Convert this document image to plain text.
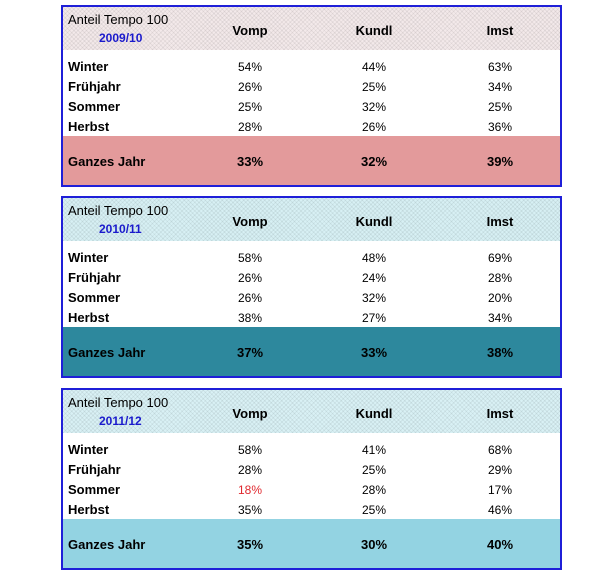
Anteil Tempo 100
2009/10	Vomp	Kundl	Imst
Winter	54%	44%	63%
Frühjahr	26%	25%	34%
Sommer	25%	32%	25%
Herbst	28%	26%	36%
Ganzes Jahr	33%	32%	39%
Anteil Tempo 100
2010/11	Vomp	Kundl	Imst
Winter	58%	48%	69%
Frühjahr	26%	24%	28%
Sommer	26%	32%	20%
Herbst	38%	27%	34%
Ganzes Jahr	37%	33%	38%
Anteil Tempo 100
2011/12	Vomp	Kundl	Imst
Winter	58%	41%	68%
Frühjahr	28%	25%	29%
Sommer	18%	28%	17%
Herbst	35%	25%	46%
Ganzes Jahr	35%	30%	40%
